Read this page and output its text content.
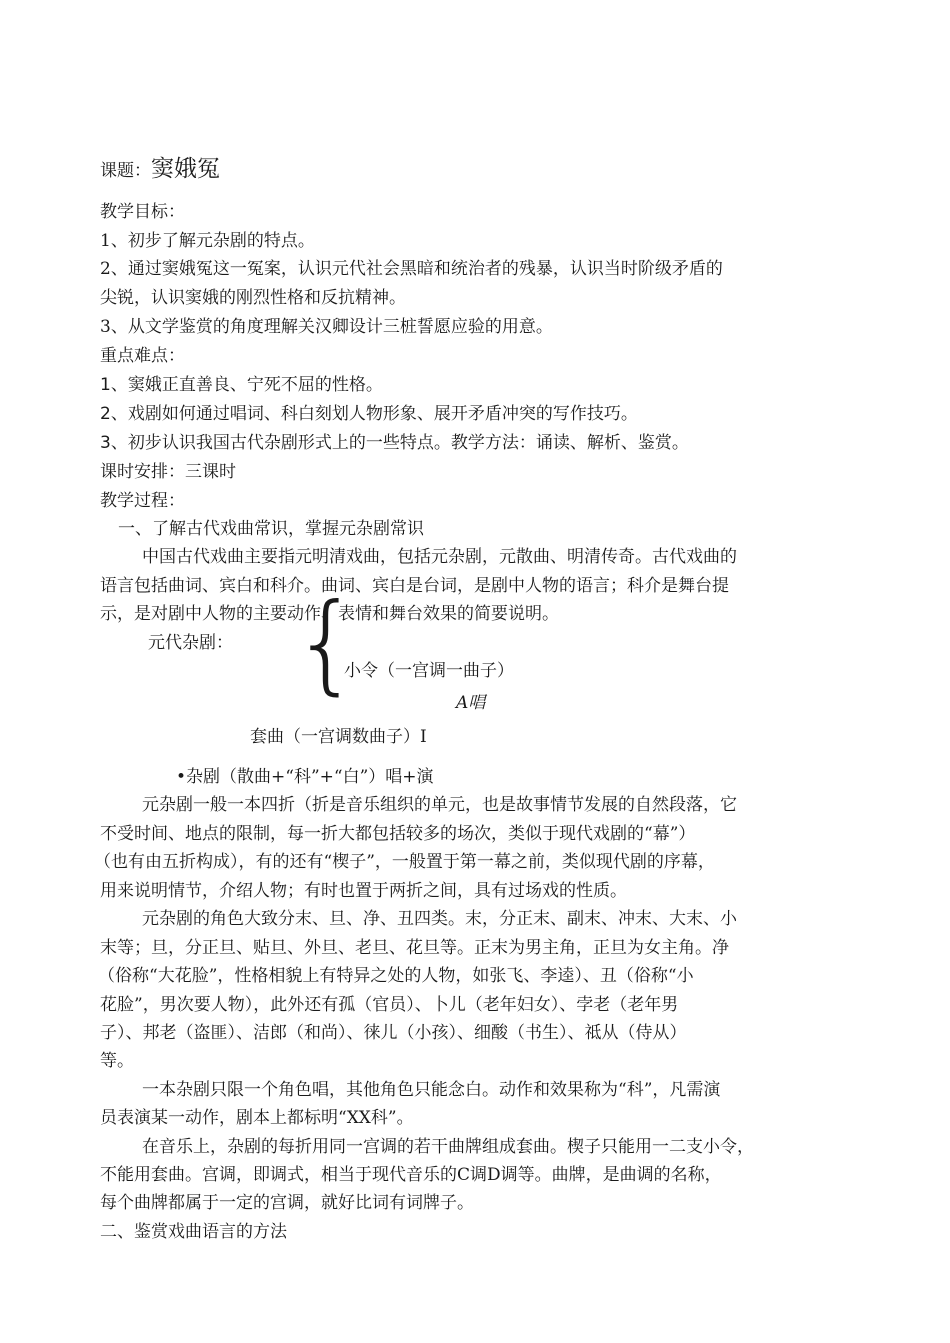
课题：窦娥冤
教学目标：
1、初步了解元杂剧的特点。
2、通过窦娥冤这一冤案，认识元代社会黑暗和统治者的残暴，认识当时阶级矛盾的
尖锐，认识窦娥的刚烈性格和反抗精神。
3、从文学鉴赏的角度理解关汉卿设计三桩誓愿应验的用意。
重点难点：
1、窦娥正直善良、宁死不屈的性格。
2、戏剧如何通过唱词、科白刻划人物形象、展开矛盾冲突的写作技巧。
3、初步认识我国古代杂剧形式上的一些特点。教学方法：诵读、解析、鉴赏。
课时安排：三课时
教学过程：
一、了解古代戏曲常识，掌握元杂剧常识
中国古代戏曲主要指元明清戏曲，包括元杂剧，元散曲、明清传奇。古代戏曲的
语言包括曲词、宾白和科介。曲词、宾白是台词，是剧中人物的语言；科介是舞台提
示，是对剧中人物的主要动作、表情和舞台效果的简要说明。
元代杂剧： {
小令（一宫调一曲子）
A唱
套曲（一宫调数曲子）I
•杂剧（散曲+“科”+“白”）唱+演
元杂剧一般一本四折（折是音乐组织的单元，也是故事情节发展的自然段落，它
不受时间、地点的限制，每一折大都包括较多的场次，类似于现代戏剧的“幕”）
（也有由五折构成），有的还有“楔子”，一般置于第一幕之前，类似现代剧的序幕，
用来说明情节，介绍人物；有时也置于两折之间，具有过场戏的性质。
元杂剧的角色大致分末、旦、净、丑四类。末，分正末、副末、冲末、大末、小
末等；旦，分正旦、贴旦、外旦、老旦、花旦等。正末为男主角，正旦为女主角。净
（俗称“大花脸”，性格相貌上有特异之处的人物，如张飞、李逵）、丑（俗称“小
花脸”，男次要人物），此外还有孤（官员）、卜儿（老年妇女）、孛老（老年男
子）、邦老（盗匪）、洁郎（和尚）、徕儿（小孩）、细酸（书生）、祗从（侍从）
等。
一本杂剧只限一个角色唱，其他角色只能念白。动作和效果称为“科”，凡需演
员表演某一动作，剧本上都标明“XX科”。
在音乐上，杂剧的每折用同一宫调的若干曲牌组成套曲。楔子只能用一二支小令，
不能用套曲。宫调，即调式，相当于现代音乐的C调D调等。曲牌，是曲调的名称，
每个曲牌都属于一定的宫调，就好比词有词牌子。
二、鉴赏戏曲语言的方法
